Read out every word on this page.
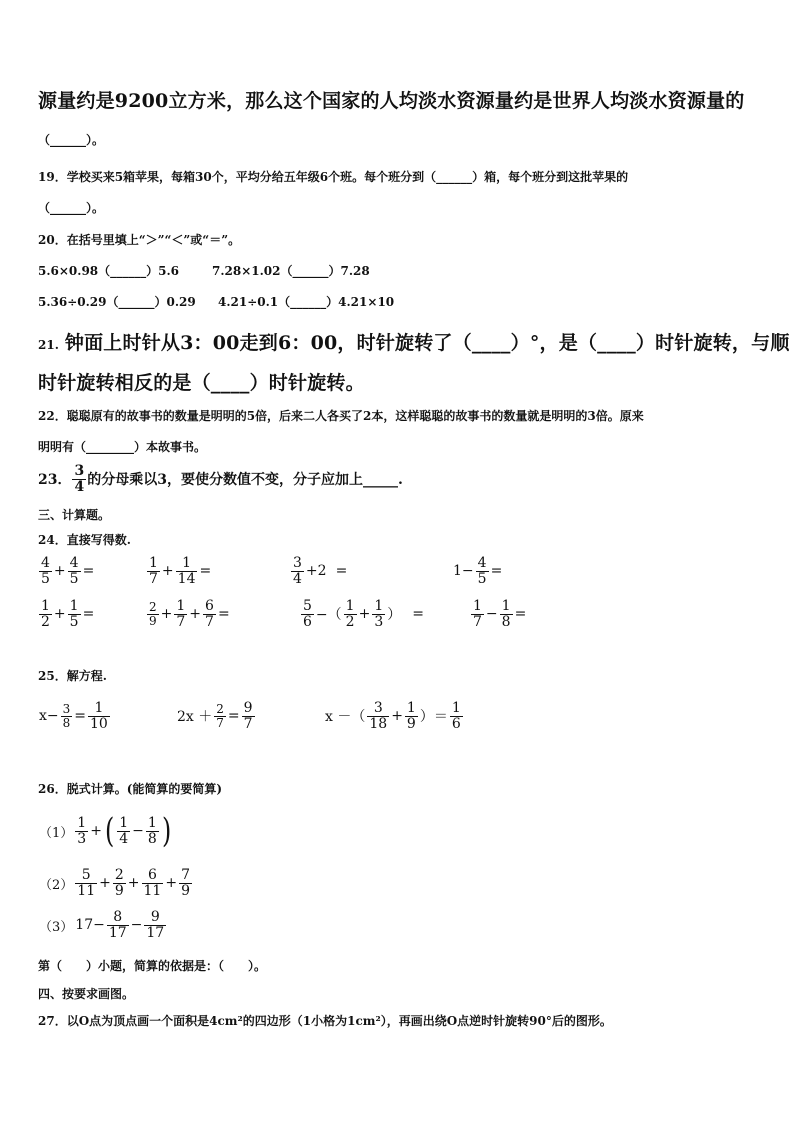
源量约是9200立方米，那么这个国家的人均淡水资源量约是世界人均淡水资源量的
（______）。
19．学校买来5箱苹果，每箱30个，平均分给五年级6个班。每个班分到（______）箱，每个班分到这批苹果的
（______）。
20．在括号里填上“＞”“＜”或“＝”。
5.6×0.98（______）5.6	7.28×1.02（______）7.28
5.36÷0.29（______）0.29 4.21÷0.1（______）4.21×10
21. 钟面上时针从3：00走到6：00，时针旋转了（____）°，是（____）时针旋转，与顺
时针旋转相反的是（____）时针旋转。
22．聪聪原有的故事书的数量是明明的5倍，后来二人各买了2本，这样聪聪的故事书的数量就是明明的3倍。原来
明明有（________）本故事书。
23． $\frac{3}{4}$ 的分母乘以3，要使分数值不变，分子应加上_____.
三、计算题。
24．直接写得数.
$\frac{4}{5} + \frac{4}{5}$ =	$\frac{1}{7} + \frac{1}{14}$ =	$\frac{3}{4} +2$ =	$1- \frac{4}{5}$ =
$\frac{1}{2} + \frac{1}{5}$ =	$\frac{2}{9} + \frac{1}{7} + \frac{6}{7}$ =	$\frac{5}{6}$ −（ $\frac{1}{2} + \frac{1}{3}$ ） =	$\frac{1}{7} - \frac{1}{8}$ =
25．解方程.
$x- \frac{3}{8} = \frac{1}{10}$	$2x + \frac{2}{7} = \frac{9}{7}$	x －（ $\frac{3}{18} + \frac{1}{9}$ ）＝ $\frac{1}{6}$
26．脱式计算。(能简算的要简算)
$(1) \frac{1}{3}$ + ( $\frac{1}{4} - \frac{1}{8}$ )
$(2) \frac{5}{11} + \frac{2}{9} + \frac{6}{11} + \frac{7}{9}$
（3） $17- \frac{8}{17} - \frac{9}{17}$
第（　　）小题，简算的依据是：（　　）。
四、按要求画图。
27．以O点为顶点画一个面积是4cm²的四边形（1小格为1cm²），再画出绕O点逆时针旋转90°后的图形。
